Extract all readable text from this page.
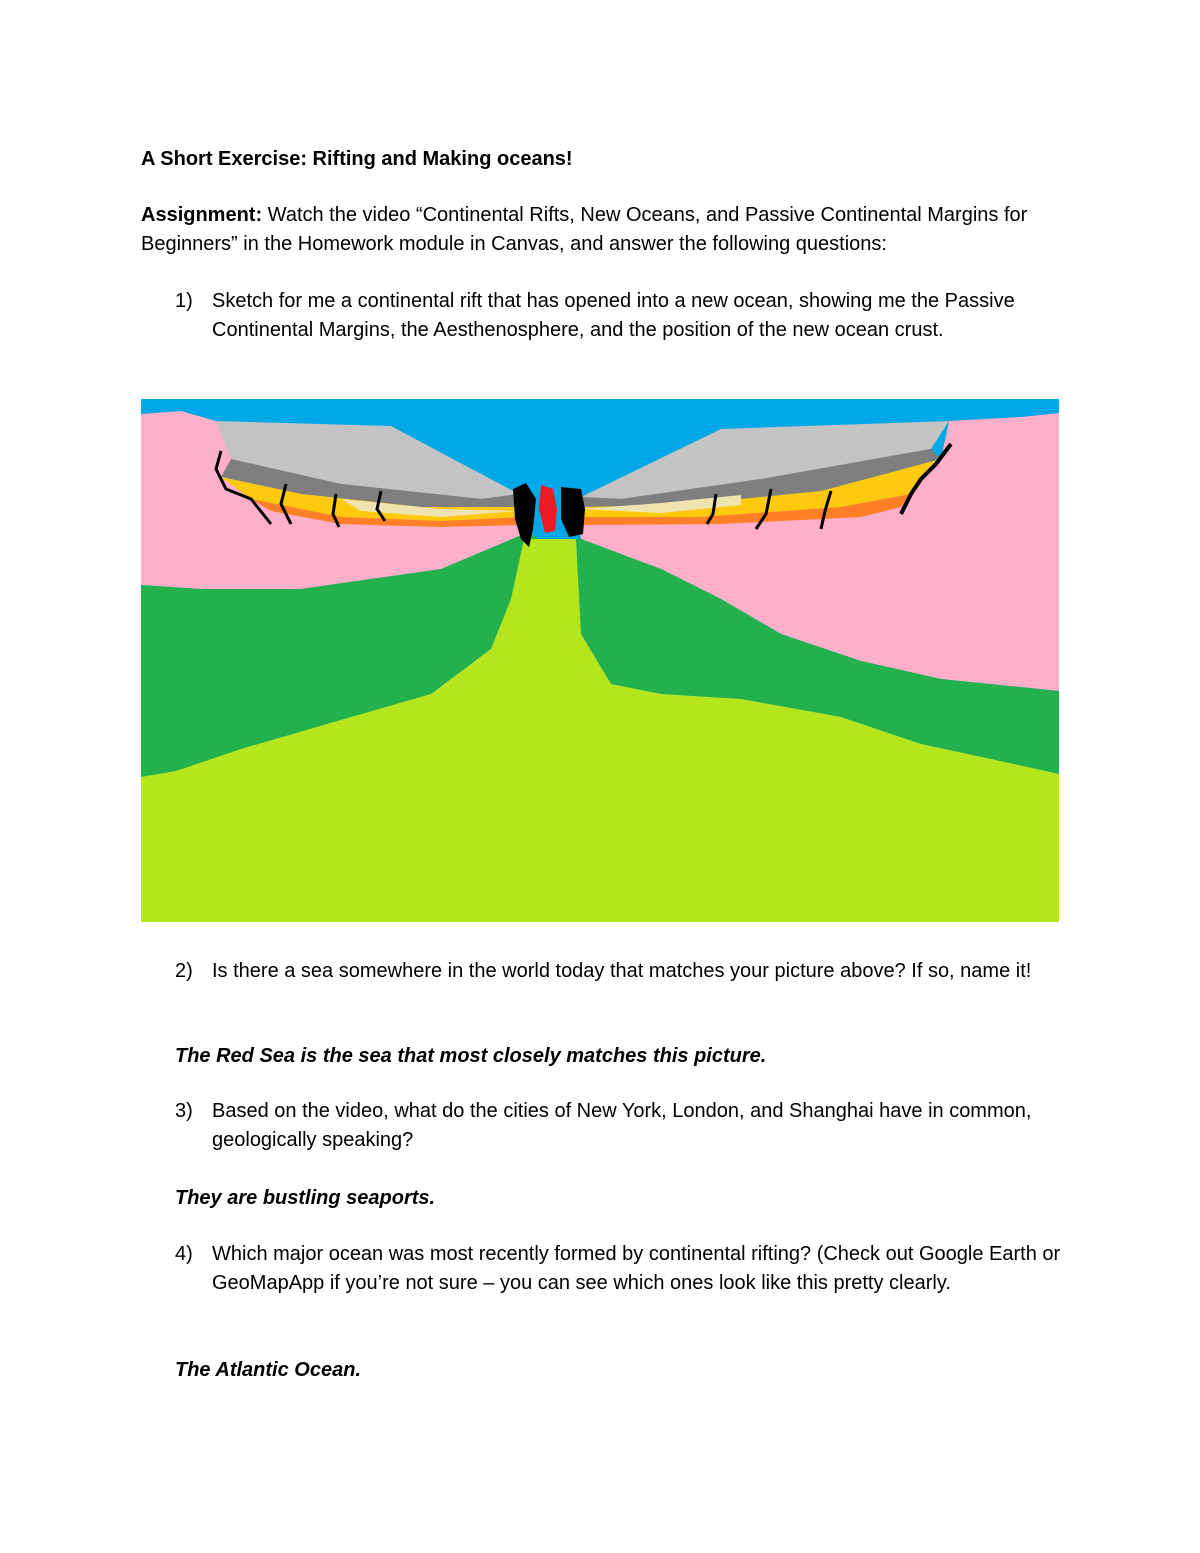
A Short Exercise: Rifting and Making oceans!
Assignment: Watch the video “Continental Rifts, New Oceans, and Passive Continental Margins for Beginners” in the Homework module in Canvas, and answer the following questions:
1) Sketch for me a continental rift that has opened into a new ocean, showing me the Passive Continental Margins, the Aesthenosphere, and the position of the new ocean crust.
2) Is there a sea somewhere in the world today that matches your picture above? If so, name it!
The Red Sea is the sea that most closely matches this picture.
3) Based on the video, what do the cities of New York, London, and Shanghai have in common, geologically speaking?
They are bustling seaports.
4) Which major ocean was most recently formed by continental rifting? (Check out Google Earth or GeoMapApp if you’re not sure – you can see which ones look like this pretty clearly.
The Atlantic Ocean.
